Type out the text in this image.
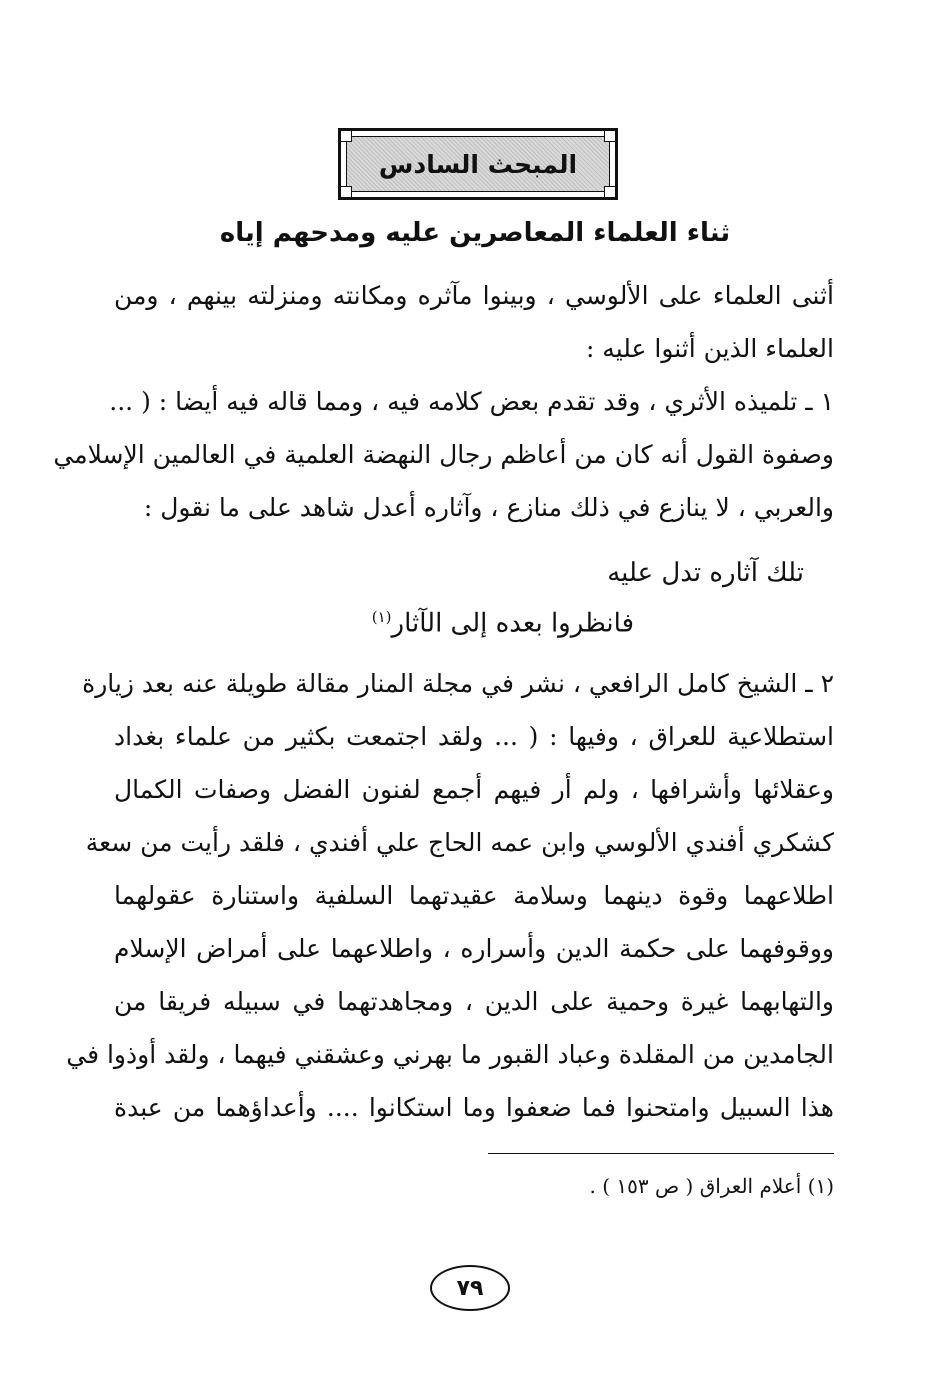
المبحث السادس
ثناء العلماء المعاصرين عليه ومدحهم إياه
أثنى العلماء على الألوسي ، وبينوا مآثره ومكانته ومنزلته بينهم ، ومن
العلماء الذين أثنوا عليه :
١ ـ تلميذه الأثري ، وقد تقدم بعض كلامه فيه ، ومما قاله فيه أيضا : ( ...
وصفوة القول أنه كان من أعاظم رجال النهضة العلمية في العالمين الإسلامي
والعربي ، لا ينازع في ذلك منازع ، وآثاره أعدل شاهد على ما نقول :
تلك آثاره تدل عليه
فانظروا بعده إلى الآثار$^{(١)}$
٢ ـ الشيخ كامل الرافعي ، نشر في مجلة المنار مقالة طويلة عنه بعد زيارة
استطلاعية للعراق ، وفيها : ( ... ولقد اجتمعت بكثير من علماء بغداد
وعقلائها وأشرافها ، ولم أر فيهم أجمع لفنون الفضل وصفات الكمال
كشكري أفندي الألوسي وابن عمه الحاج علي أفندي ، فلقد رأيت من سعة
اطلاعهما وقوة دينهما وسلامة عقيدتهما السلفية واستنارة عقولهما
ووقوفهما على حكمة الدين وأسراره ، واطلاعهما على أمراض الإسلام
والتهابهما غيرة وحمية على الدين ، ومجاهدتهما في سبيله فريقا من
الجامدين من المقلدة وعباد القبور ما بهرني وعشقني فيهما ، ولقد أوذوا في
هذا السبيل وامتحنوا فما ضعفوا وما استكانوا .... وأعداؤهما من عبدة
(١) أعلام العراق ( ص ١٥٣ ) .
٧٩
